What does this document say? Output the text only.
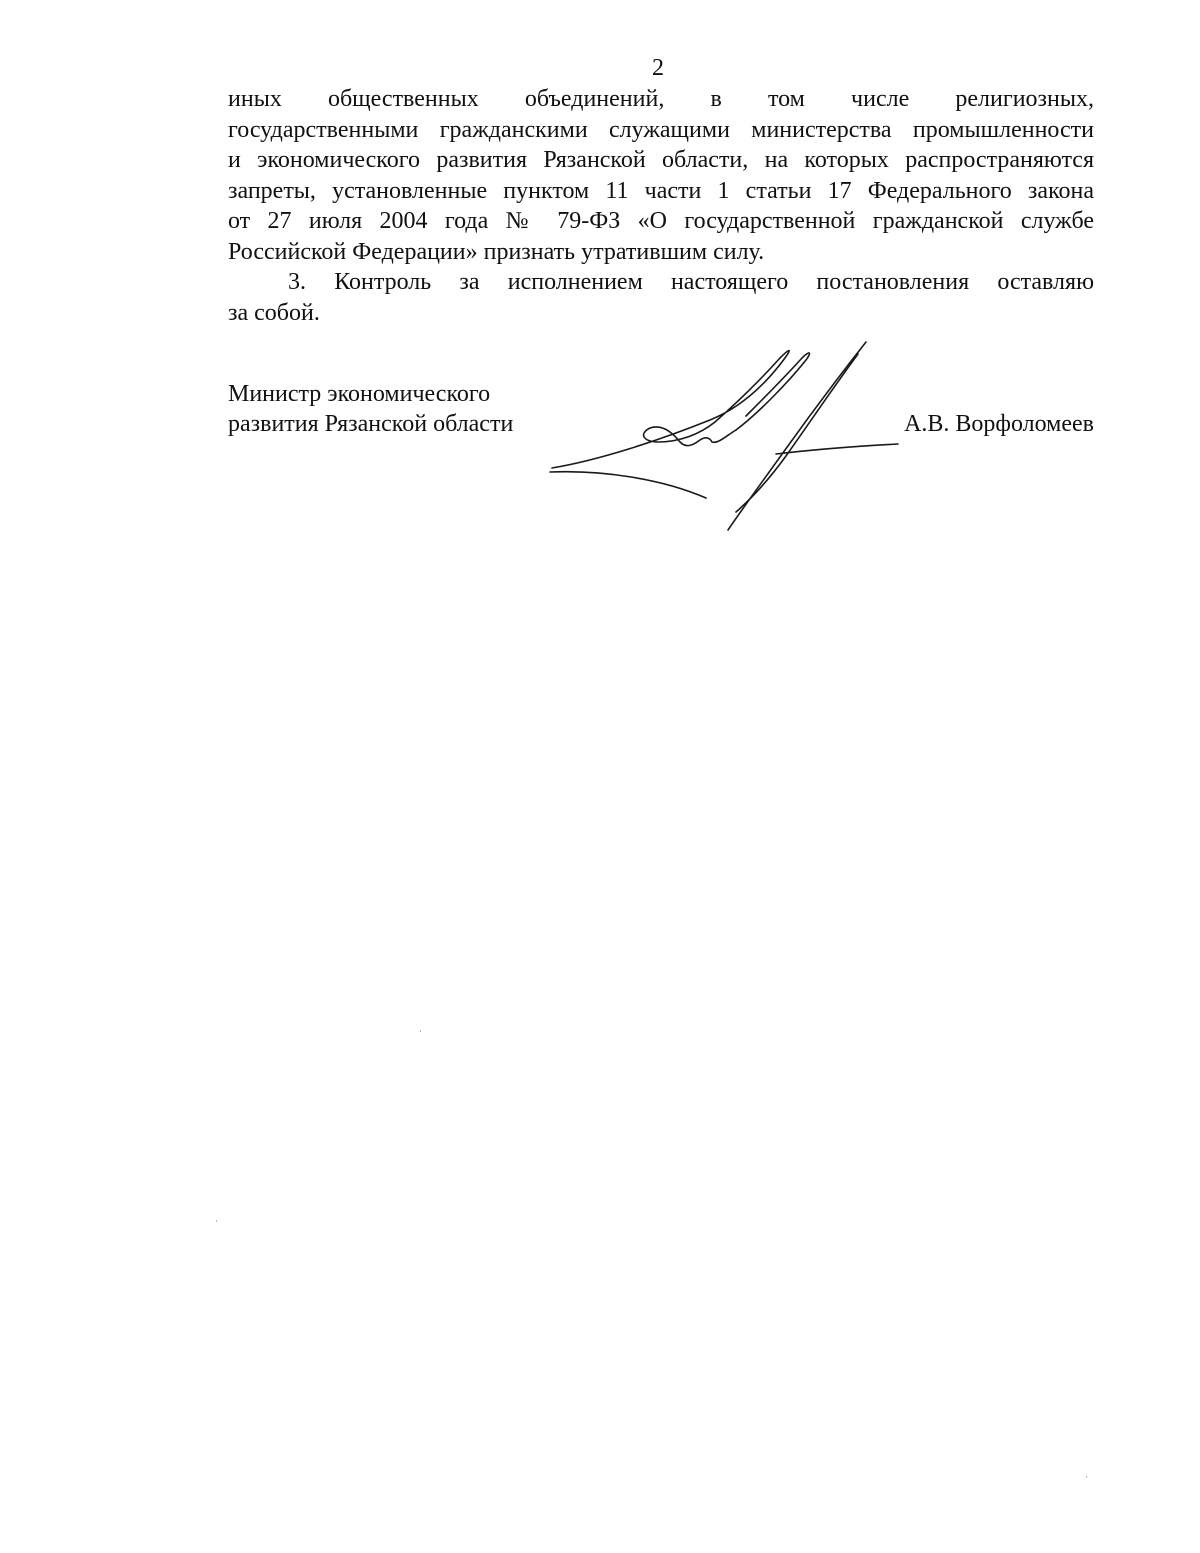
2

иных общественных объединений, в том числе религиозных,
государственными гражданскими служащими министерства промышленности
и экономического развития Рязанской области, на которых распространяются
запреты, установленные пунктом 11 части 1 статьи 17 Федерального закона
от 27 июля 2004 года № 79-ФЗ «О государственной гражданской службе
Российской Федерации» признать утратившим силу.

3. Контроль за исполнением настоящего постановления оставляю
за собой.

Министр экономического
развития Рязанской области	А.В. Ворфоломеев
